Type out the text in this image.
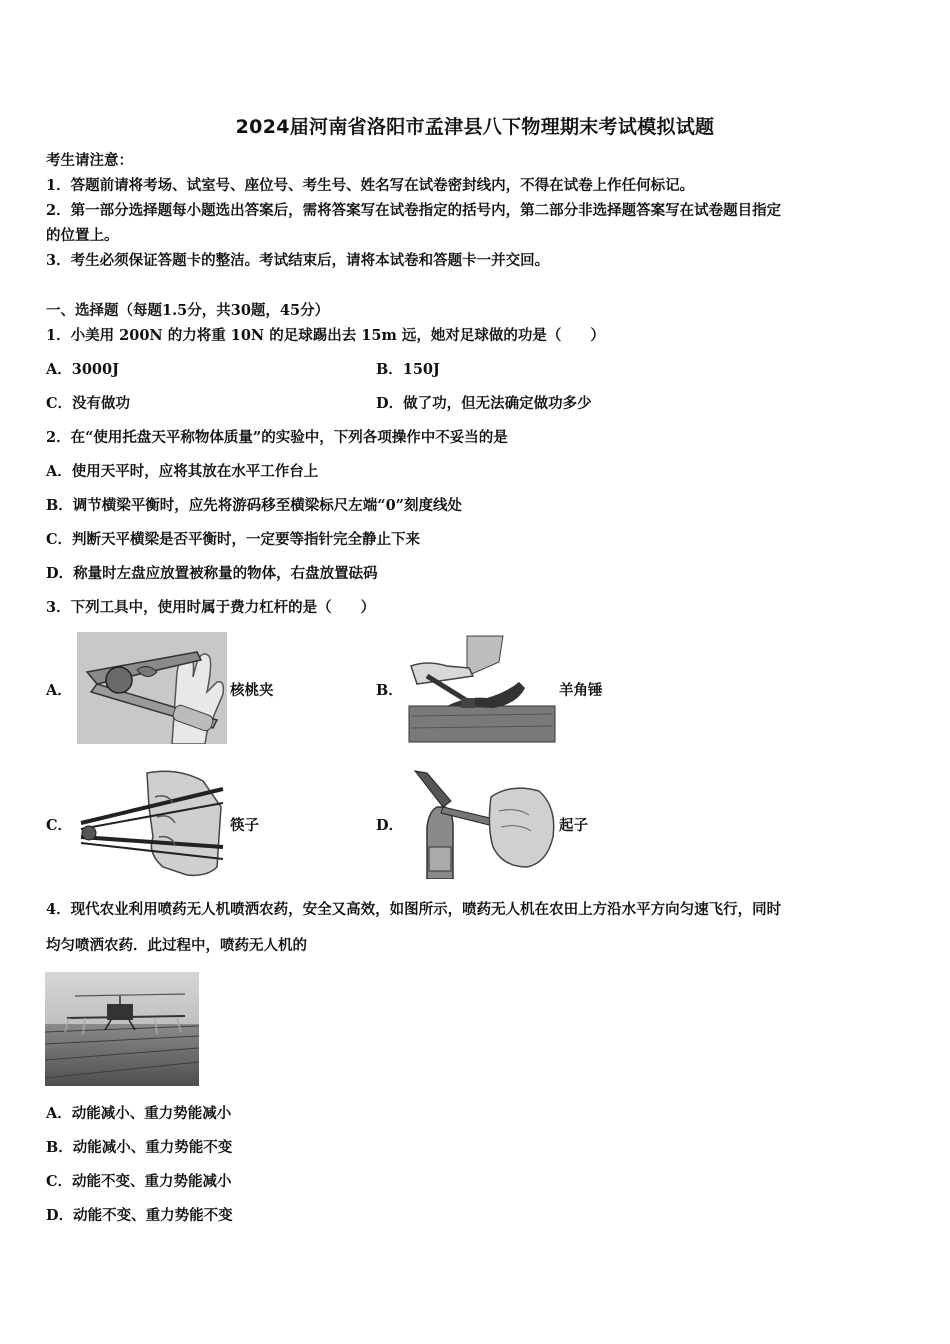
2024届河南省洛阳市孟津县八下物理期末考试模拟试题
考生请注意：
1．答题前请将考场、试室号、座位号、考生号、姓名写在试卷密封线内，不得在试卷上作任何标记。
2．第一部分选择题每小题选出答案后，需将答案写在试卷指定的括号内，第二部分非选择题答案写在试卷题目指定
的位置上。
3．考生必须保证答题卡的整洁。考试结束后，请将本试卷和答题卡一并交回。
一、选择题（每题1.5分，共30题，45分）
1．小美用 200N 的力将重 10N 的足球踢出去 15m 远，她对足球做的功是（　　）
A．3000J	B．150J
C．没有做功	D．做了功，但无法确定做功多少
2．在“使用托盘天平称物体质量”的实验中，下列各项操作中不妥当的是
A．使用天平时，应将其放在水平工作台上
B．调节横梁平衡时，应先将游码移至横梁标尺左端“0”刻度线处
C．判断天平横梁是否平衡时，一定要等指针完全静止下来
D．称量时左盘应放置被称量的物体，右盘放置砝码
3．下列工具中，使用时属于费力杠杆的是（　　）
A．	核桃夹	B．	羊角锤
C．	筷子	D．	起子
4．现代农业利用喷药无人机喷洒农药，安全又高效，如图所示，喷药无人机在农田上方沿水平方向匀速飞行，同时
均匀喷洒农药．此过程中，喷药无人机的
A．动能减小、重力势能减小
B．动能减小、重力势能不变
C．动能不变、重力势能减小
D．动能不变、重力势能不变
